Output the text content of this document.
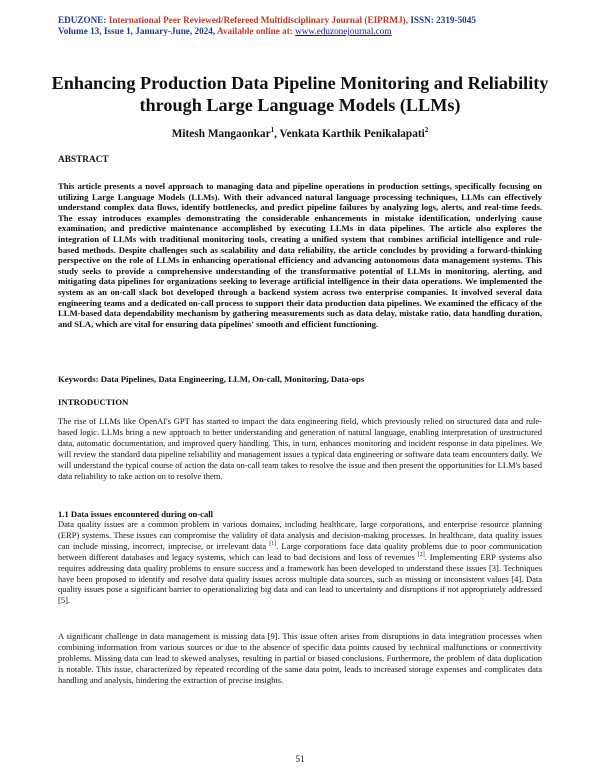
EDUZONE: International Peer Reviewed/Refereed Multidisciplinary Journal (EIPRMJ), ISSN: 2319-5045
Volume 13, Issue 1, January-June, 2024, Available online at: www.eduzonejournal.com
Enhancing Production Data Pipeline Monitoring and Reliability through Large Language Models (LLMs)
Mitesh Mangaonkar$^1$, Venkata Karthik Penikalapati$^2$
ABSTRACT

This article presents a novel approach to managing data and pipeline operations in production settings, specifically focusing on utilizing Large Language Models (LLMs). With their advanced natural language processing techniques, LLMs can effectively understand complex data flows, identify bottlenecks, and predict pipeline failures by analyzing logs, alerts, and real-time feeds. The essay introduces examples demonstrating the considerable enhancements in mistake identification, underlying cause examination, and predictive maintenance accomplished by executing LLMs in data pipelines. The article also explores the integration of LLMs with traditional monitoring tools, creating a unified system that combines artificial intelligence and rule-based methods. Despite challenges such as scalability and data reliability, the article concludes by providing a forward-thinking perspective on the role of LLMs in enhancing operational efficiency and advancing autonomous data management systems. This study seeks to provide a comprehensive understanding of the transformative potential of LLMs in monitoring, alerting, and mitigating data pipelines for organizations seeking to leverage artificial intelligence in their data operations. We implemented the system as an on-call slack bot developed through a backend system across two enterprise companies. It involved several data engineering teams and a dedicated on-call process to support their data production data pipelines. We examined the efficacy of the LLM-based data dependability mechanism by gathering measurements such as data delay, mistake ratio, data handling duration, and SLA, which are vital for ensuring data pipelines' smooth and efficient functioning.

Keywords: Data Pipelines, Data Engineering, LLM, On-call, Monitoring, Data-ops
INTRODUCTION

The rise of LLMs like OpenAI's GPT has started to impact the data engineering field, which previously relied on structured data and rule-based logic. LLMs bring a new approach to better understanding and generation of natural language, enabling interpretation of unstructured data, automatic documentation, and improved query handling. This, in turn, enhances monitoring and incident response in data pipelines. We will review the standard data pipeline reliability and management issues a typical data engineering or software data team encounters daily. We will understand the typical course of action the data on-call team takes to resolve the issue and then present the opportunities for LLM's based data reliability to take action on to resolve them.

1.1 Data issues encountered during on-call

Data quality issues are a common problem in various domains, including healthcare, large corporations, and enterprise resource planning (ERP) systems. These issues can compromise the validity of data analysis and decision-making processes. In healthcare, data quality issues can include missing, incorrect, imprecise, or irrelevant data [1]. Large corporations face data quality problems due to poor communication between different databases and legacy systems, which can lead to bad decisions and loss of revenues [2]. Implementing ERP systems also requires addressing data quality problems to ensure success and a framework has been developed to understand these issues [3]. Techniques have been proposed to identify and resolve data quality issues across multiple data sources, such as missing or inconsistent values [4]. Data quality issues pose a significant barrier to operationalizing big data and can lead to uncertainty and disruptions if not appropriately addressed [5].

A significant challenge in data management is missing data [9]. This issue often arises from disruptions in data integration processes when combining information from various sources or due to the absence of specific data points caused by technical malfunctions or connectivity problems. Missing data can lead to skewed analyses, resulting in partial or biased conclusions. Furthermore, the problem of data duplication is notable. This issue, characterized by repeated recording of the same data point, leads to increased storage expenses and complicates data handling and analysis, hindering the extraction of precise insights.

51
